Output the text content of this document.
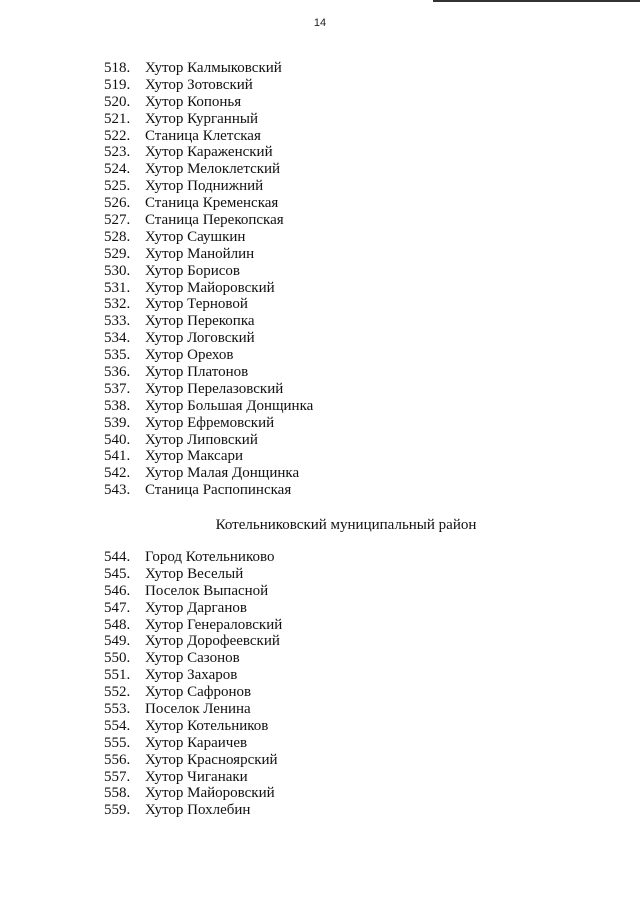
14
518. Хутор Калмыковский
519. Хутор Зотовский
520. Хутор Копонья
521. Хутор Курганный
522. Станица Клетская
523. Хутор Караженский
524. Хутор Мелоклетский
525. Хутор Поднижний
526. Станица Кременская
527. Станица Перекопская
528. Хутор Саушкин
529. Хутор Манойлин
530. Хутор Борисов
531. Хутор Майоровский
532. Хутор Терновой
533. Хутор Перекопка
534. Хутор Логовский
535. Хутор Орехов
536. Хутор Платонов
537. Хутор Перелазовский
538. Хутор Большая Донщинка
539. Хутор Ефремовский
540. Хутор Липовский
541. Хутор Максари
542. Хутор Малая Донщинка
543. Станица Распопинская
Котельниковский муниципальный район
544. Город Котельниково
545. Хутор Веселый
546. Поселок Выпасной
547. Хутор Дарганов
548. Хутор Генераловский
549. Хутор Дорофеевский
550. Хутор Сазонов
551. Хутор Захаров
552. Хутор Сафронов
553. Поселок Ленина
554. Хутор Котельников
555. Хутор Караичев
556. Хутор Красноярский
557. Хутор Чиганаки
558. Хутор Майоровский
559. Хутор Похлебин
